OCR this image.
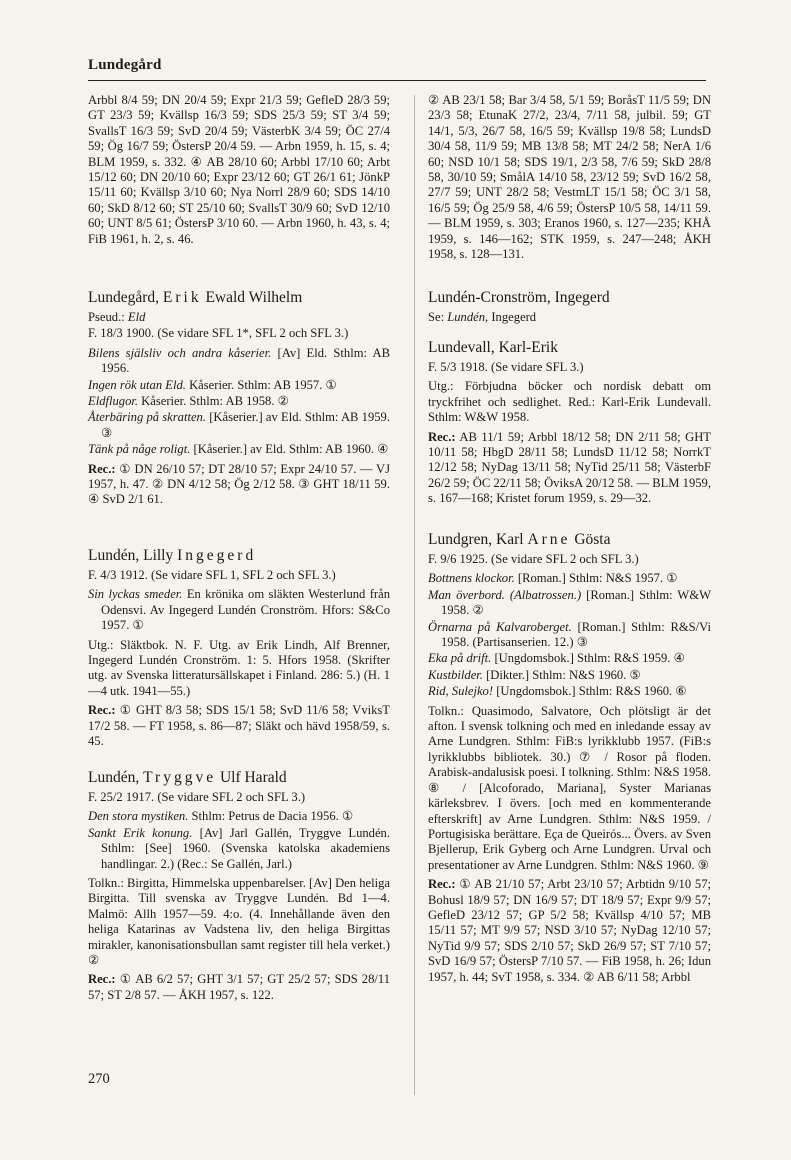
Lundegård

Arbbl 8/4 59; DN 20/4 59; Expr 21/3 59; GefleD 28/3 59; GT 23/3 59; Kvällsp 16/3 59; SDS 25/3 59; ST 3/4 59; SvallsT 16/3 59; SvD 20/4 59; VästerbK 3/4 59; ÖC 27/4 59; Ög 16/7 59; ÖstersP 20/4 59. — Arbn 1959, h. 15, s. 4; BLM 1959, s. 332. ④ AB 28/10 60; Arbbl 17/10 60; Arbt 15/12 60; DN 20/10 60; Expr 23/12 60; GT 26/1 61; JönkP 15/11 60; Kvällsp 3/10 60; Nya Norrl 28/9 60; SDS 14/10 60; SkD 8/12 60; ST 25/10 60; SvallsT 30/9 60; SvD 12/10 60; UNT 8/5 61; ÖstersP 3/10 60. — Arbn 1960, h. 43, s. 4; FiB 1961, h. 2, s. 46.

Lundegård, Erik Ewald Wilhelm

Pseud.: Eld

F. 18/3 1900. (Se vidare SFL 1*, SFL 2 och SFL 3.)

Bilens själsliv och andra kåserier. [Av] Eld. Sthlm: AB 1956.

Ingen rök utan Eld. Kåserier. Sthlm: AB 1957. ①

Eldflugor. Kåserier. Sthlm: AB 1958. ②

Återbäring på skratten. [Kåserier.] av Eld. Sthlm: AB 1959. ③

Tänk på någe roligt. [Kåserier.] av Eld. Sthlm: AB 1960. ④

Rec.: ① DN 26/10 57; DT 28/10 57; Expr 24/10 57. — VJ 1957, h. 47. ② DN 4/12 58; Ög 2/12 58. ③ GHT 18/11 59. ④ SvD 2/1 61.

Lundén, Lilly Ingegerd

F. 4/3 1912. (Se vidare SFL 1, SFL 2 och SFL 3.)

Sin lyckas smeder. En krönika om släkten Westerlund från Odensvi. Av Ingegerd Lundén Cronström. Hfors: S&Co 1957. ①

Utg.: Släktbok. N. F. Utg. av Erik Lindh, Alf Brenner, Ingegerd Lundén Cronström. 1: 5. Hfors 1958. (Skrifter utg. av Svenska litteratursällskapet i Finland. 286: 5.) (H. 1—4 utk. 1941—55.)

Rec.: ① GHT 8/3 58; SDS 15/1 58; SvD 11/6 58; VviksT 17/2 58. — FT 1958, s. 86—87; Släkt och hävd 1958/59, s. 45.

Lundén, Tryggve Ulf Harald

F. 25/2 1917. (Se vidare SFL 2 och SFL 3.)

Den stora mystiken. Sthlm: Petrus de Dacia 1956. ①

Sankt Erik konung. [Av] Jarl Gallén, Tryggve Lundén. Sthlm: [See] 1960. (Svenska katolska akademiens handlingar. 2.) (Rec.: Se Gallén, Jarl.)

Tolkn.: Birgitta, Himmelska uppenbarelser. [Av] Den heliga Birgitta. Till svenska av Tryggve Lundén. Bd 1—4. Malmö: Allh 1957—59. 4:o. (4. Innehållande även den heliga Katarinas av Vadstena liv, den heliga Birgittas mirakler, kanonisationsbullan samt register till hela verket.) ②

Rec.: ① AB 6/2 57; GHT 3/1 57; GT 25/2 57; SDS 28/11 57; ST 2/8 57. — ÅKH 1957, s. 122.

② AB 23/1 58; Bar 3/4 58, 5/1 59; BoråsT 11/5 59; DN 23/3 58; EtunaK 27/2, 23/4, 7/11 58, julbil. 59; GT 14/1, 5/3, 26/7 58, 16/5 59; Kvällsp 19/8 58; LundsD 30/4 58, 11/9 59; MB 13/8 58; MT 24/2 58; NerA 1/6 60; NSD 10/1 58; SDS 19/1, 2/3 58, 7/6 59; SkD 28/8 58, 30/10 59; SmålA 14/10 58, 23/12 59; SvD 16/2 58, 27/7 59; UNT 28/2 58; VestmLT 15/1 58; ÖC 3/1 58, 16/5 59; Ög 25/9 58, 4/6 59; ÖstersP 10/5 58, 14/11 59. — BLM 1959, s. 303; Eranos 1960, s. 127—235; KHÅ 1959, s. 146—162; STK 1959, s. 247—248; ÅKH 1958, s. 128—131.

Lundén-Cronström, Ingegerd

Se: Lundén, Ingegerd

Lundevall, Karl-Erik

F. 5/3 1918. (Se vidare SFL 3.)

Utg.: Förbjudna böcker och nordisk debatt om tryckfrihet och sedlighet. Red.: Karl-Erik Lundevall. Sthlm: W&W 1958.

Rec.: AB 11/1 59; Arbbl 18/12 58; DN 2/11 58; GHT 10/11 58; HbgD 28/11 58; LundsD 11/12 58; NorrkT 12/12 58; NyDag 13/11 58; NyTid 25/11 58; VästerbF 26/2 59; ÖC 22/11 58; ÖviksA 20/12 58. — BLM 1959, s. 167—168; Kristet forum 1959, s. 29—32.

Lundgren, Karl Arne Gösta

F. 9/6 1925. (Se vidare SFL 2 och SFL 3.)

Bottnens klockor. [Roman.] Sthlm: N&S 1957. ①

Man överbord. (Albatrossen.) [Roman.] Sthlm: W&W 1958. ②

Örnarna på Kalvaroberget. [Roman.] Sthlm: R&S/Vi 1958. (Partisanserien. 12.) ③

Eka på drift. [Ungdomsbok.] Sthlm: R&S 1959. ④

Kustbilder. [Dikter.] Sthlm: N&S 1960. ⑤

Rid, Sulejko! [Ungdomsbok.] Sthlm: R&S 1960. ⑥

Tolkn.: Quasimodo, Salvatore, Och plötsligt är det afton. I svensk tolkning och med en inledande essay av Arne Lundgren. Sthlm: FiB:s lyrikklubb 1957. (FiB:s lyrikklubbs bibliotek. 30.) ⑦ / Rosor på floden. Arabisk-andalusisk poesi. I tolkning. Sthlm: N&S 1958. ⑧ / [Alcoforado, Mariana], Syster Marianas kärleksbrev. I övers. [och med en kommenterande efterskrift] av Arne Lundgren. Sthlm: N&S 1959. / Portugisiska berättare. Eça de Queirós... Övers. av Sven Bjellerup, Erik Gyberg och Arne Lundgren. Urval och presentationer av Arne Lundgren. Sthlm: N&S 1960. ⑨

Rec.: ① AB 21/10 57; Arbt 23/10 57; Arbtidn 9/10 57; Bohusl 18/9 57; DN 16/9 57; DT 18/9 57; Expr 9/9 57; GefleD 23/12 57; GP 5/2 58; Kvällsp 4/10 57; MB 15/11 57; MT 9/9 57; NSD 3/10 57; NyDag 12/10 57; NyTid 9/9 57; SDS 2/10 57; SkD 26/9 57; ST 7/10 57; SvD 16/9 57; ÖstersP 7/10 57. — FiB 1958, h. 26; Idun 1957, h. 44; SvT 1958, s. 334. ② AB 6/11 58; Arbbl

270
